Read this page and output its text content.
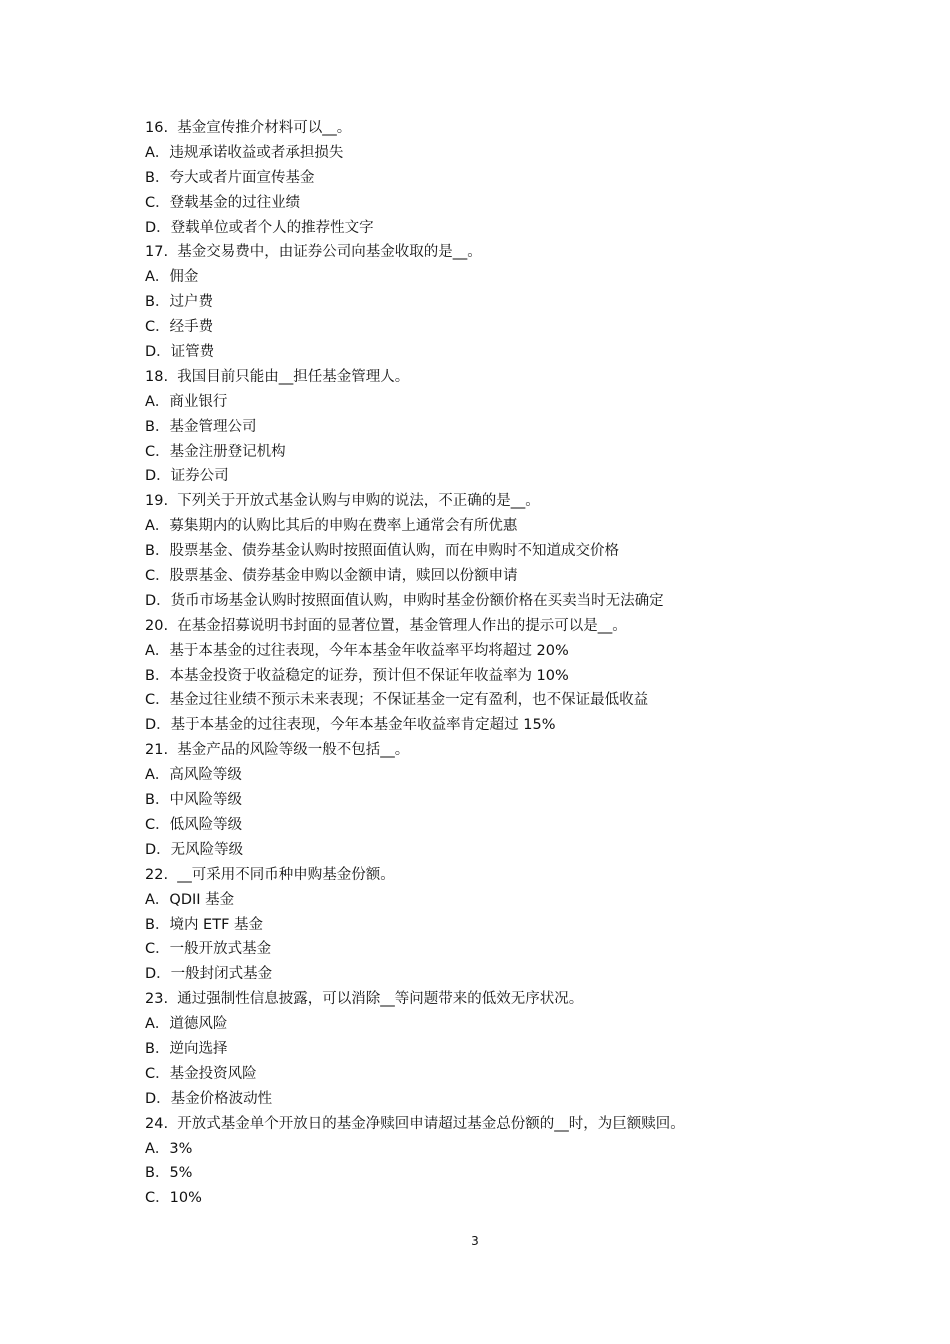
16.  基金宣传推介材料可以__。
A．违规承诺收益或者承担损失
B．夸大或者片面宣传基金
C．登载基金的过往业绩
D．登载单位或者个人的推荐性文字
17.  基金交易费中，由证券公司向基金收取的是__。
A．佣金
B．过户费
C．经手费
D．证管费
18.  我国目前只能由__担任基金管理人。
A．商业银行
B．基金管理公司
C．基金注册登记机构
D．证券公司
19.  下列关于开放式基金认购与申购的说法，不正确的是__。
A．募集期内的认购比其后的申购在费率上通常会有所优惠
B．股票基金、债券基金认购时按照面值认购，而在申购时不知道成交价格
C．股票基金、债券基金申购以金额申请，赎回以份额申请
D．货币市场基金认购时按照面值认购，申购时基金份额价格在买卖当时无法确定
20.  在基金招募说明书封面的显著位置，基金管理人作出的提示可以是__。
A．基于本基金的过往表现，今年本基金年收益率平均将超过 20%
B．本基金投资于收益稳定的证券，预计但不保证年收益率为 10%
C．基金过往业绩不预示未来表现；不保证基金一定有盈利，也不保证最低收益
D．基于本基金的过往表现，今年本基金年收益率肯定超过 15%
21.  基金产品的风险等级一般不包括__。
A．高风险等级
B．中风险等级
C．低风险等级
D．无风险等级
22.  __可采用不同币种申购基金份额。
A．QDII 基金
B．境内 ETF 基金
C．一般开放式基金
D．一般封闭式基金
23.  通过强制性信息披露，可以消除__等问题带来的低效无序状况。
A．道德风险
B．逆向选择
C．基金投资风险
D．基金价格波动性
24.  开放式基金单个开放日的基金净赎回申请超过基金总份额的__时，为巨额赎回。
A．3%
B．5%
C．10%
3
